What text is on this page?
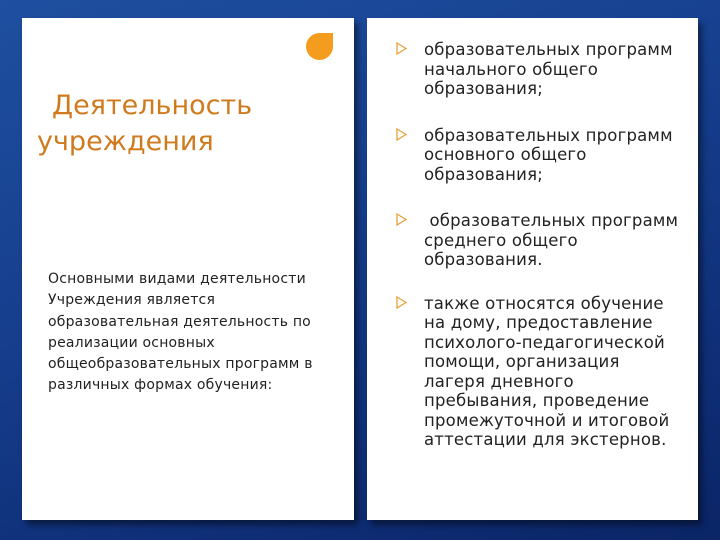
Деятельность
учреждения

Основными видами деятельности Учреждения является образовательная деятельность по реализации основных общеобразовательных программ в различных формах обучения:

образовательных программ начального общего образования;
образовательных программ основного общего образования;
образовательных программ среднего общего образования.
также относятся обучение на дому, предоставление психолого-педагогической помощи, организация лагеря дневного пребывания, проведение промежуточной и итоговой аттестации для экстернов.
